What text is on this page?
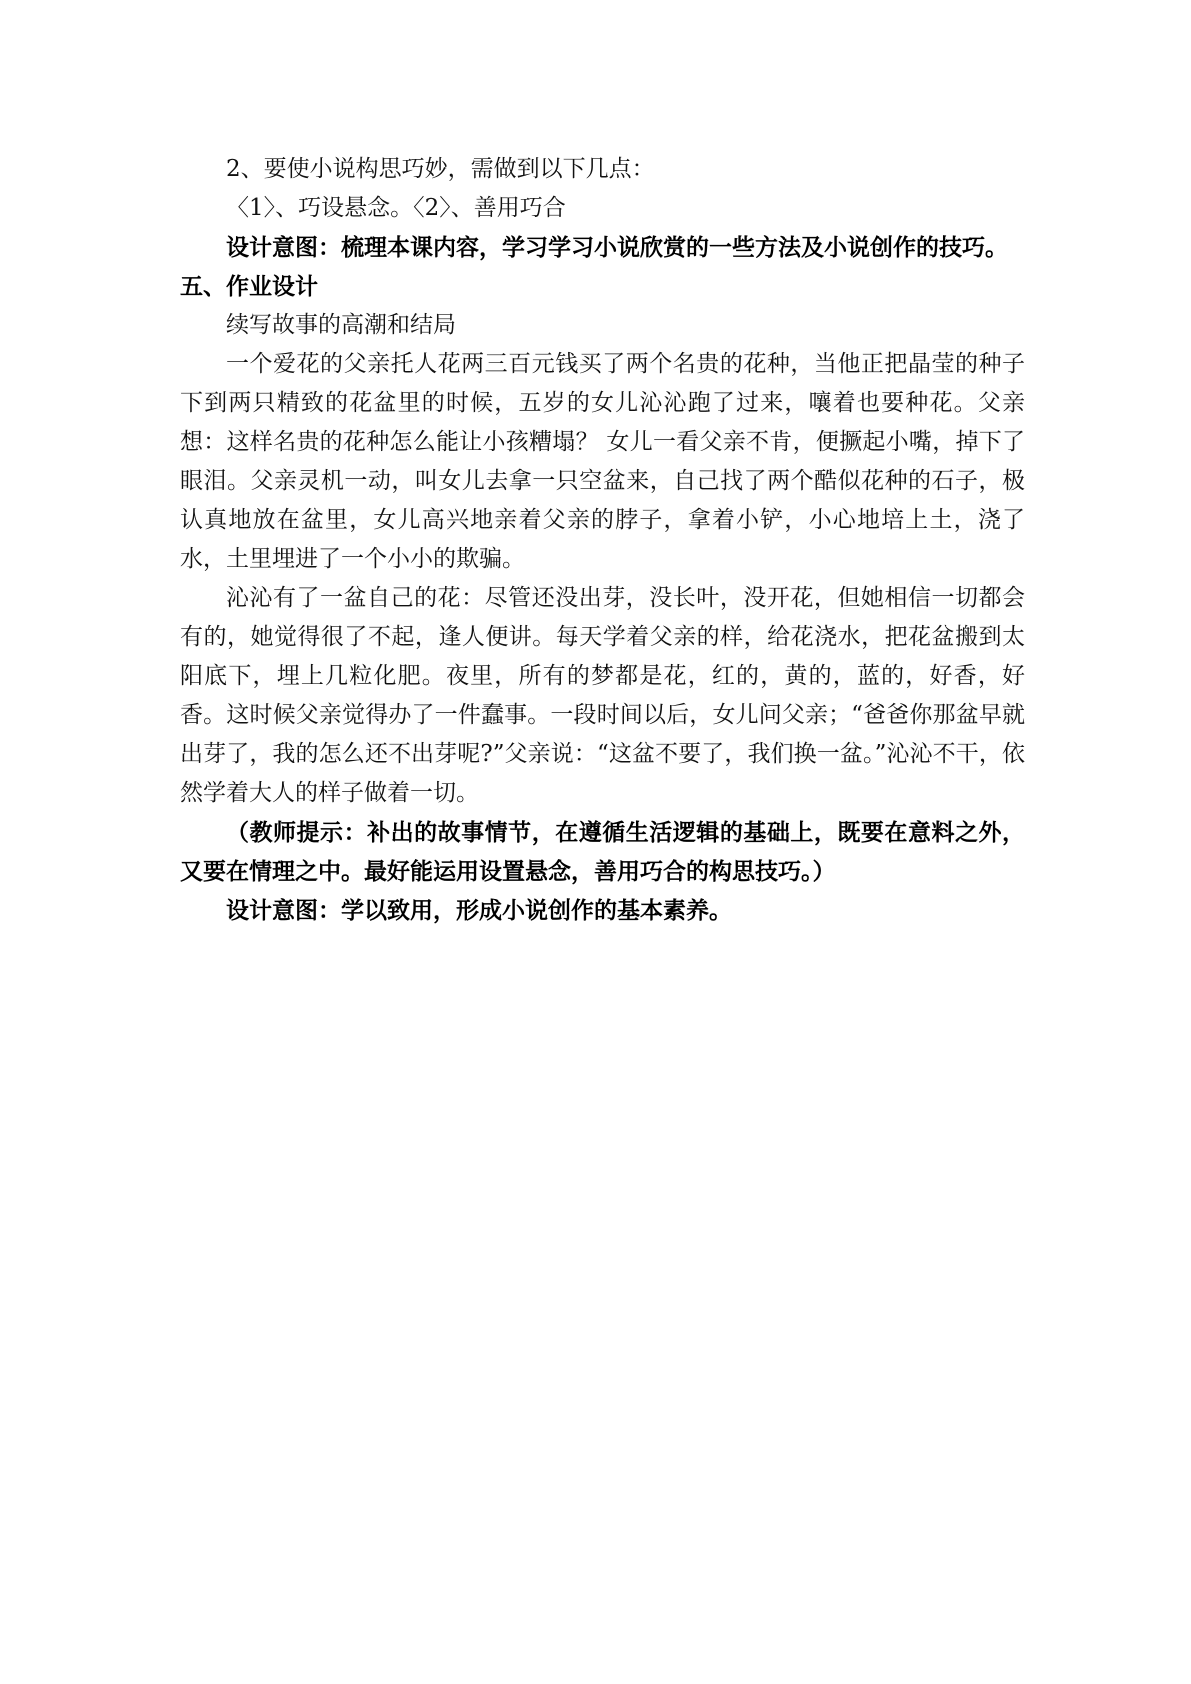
2、要使小说构思巧妙，需做到以下几点：

〈1〉、巧设悬念。〈2〉、善用巧合

设计意图：梳理本课内容，学习学习小说欣赏的一些方法及小说创作的技巧。

五、作业设计

续写故事的高潮和结局

一个爱花的父亲托人花两三百元钱买了两个名贵的花种，当他正把晶莹的种子下到两只精致的花盆里的时候，五岁的女儿沁沁跑了过来，嚷着也要种花。父亲想：这样名贵的花种怎么能让小孩糟塌？ 女儿一看父亲不肯，便撅起小嘴，掉下了眼泪。父亲灵机一动，叫女儿去拿一只空盆来，自己找了两个酷似花种的石子，极认真地放在盆里，女儿高兴地亲着父亲的脖子，拿着小铲，小心地培上土，浇了水，土里埋进了一个小小的欺骗。

沁沁有了一盆自己的花：尽管还没出芽，没长叶，没开花，但她相信一切都会有的，她觉得很了不起，逢人便讲。每天学着父亲的样，给花浇水，把花盆搬到太阳底下，埋上几粒化肥。夜里，所有的梦都是花，红的，黄的，蓝的，好香，好香。这时候父亲觉得办了一件蠢事。一段时间以后，女儿问父亲；“爸爸你那盆早就出芽了，我的怎么还不出芽呢?”父亲说：“这盆不要了，我们换一盆。”沁沁不干，依然学着大人的样子做着一切。

（教师提示：补出的故事情节，在遵循生活逻辑的基础上，既要在意料之外，又要在情理之中。最好能运用设置悬念，善用巧合的构思技巧。）

设计意图：学以致用，形成小说创作的基本素养。
